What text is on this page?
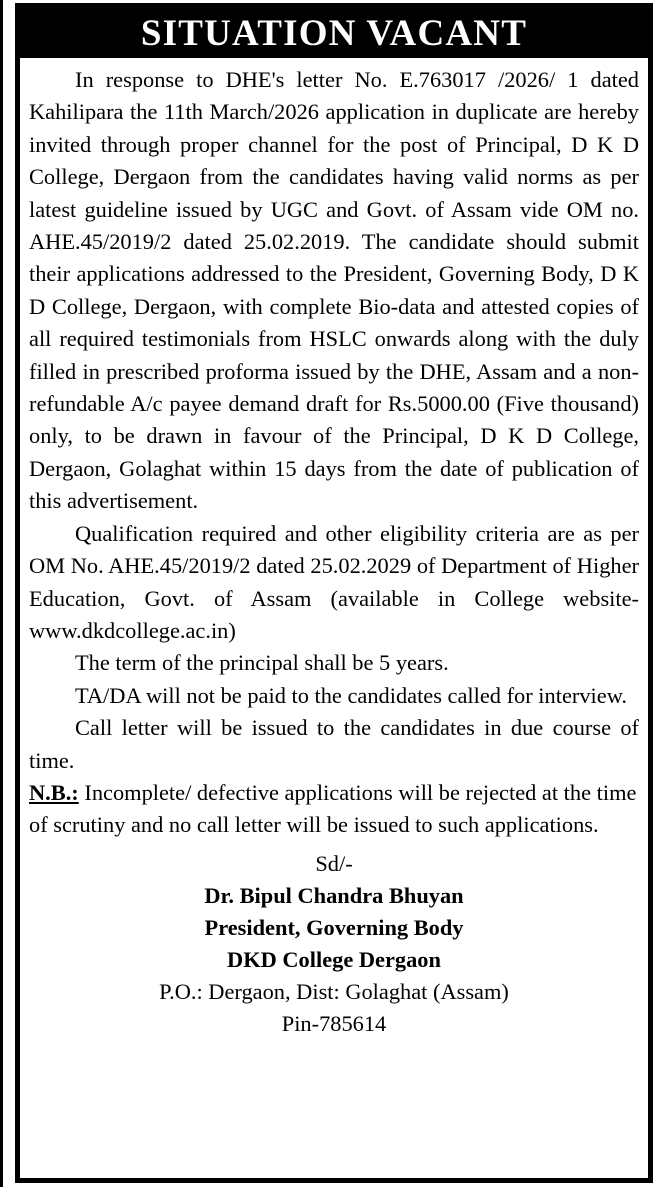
SITUATION VACANT

In response to DHE's letter No. E.763017 /2026/ 1 dated Kahilipara the 11th March/2026 application in duplicate are hereby invited through proper channel for the post of Principal, D K D College, Dergaon from the candidates having valid norms as per latest guideline issued by UGC and Govt. of Assam vide OM no. AHE.45/2019/2 dated 25.02.2019. The candidate should submit their applications addressed to the President, Governing Body, D K D College, Dergaon, with complete Bio-data and attested copies of all required testimonials from HSLC onwards along with the duly filled in prescribed proforma issued by the DHE, Assam and a non- refundable A/c payee demand draft for Rs.5000.00 (Five thousand) only, to be drawn in favour of the Principal, D K D College, Dergaon, Golaghat within 15 days from the date of publication of this advertisement.

Qualification required and other eligibility criteria are as per OM No. AHE.45/2019/2 dated 25.02.2029 of Department of Higher Education, Govt. of Assam (available in College website- www.dkdcollege.ac.in)

The term of the principal shall be 5 years.

TA/DA will not be paid to the candidates called for interview.

Call letter will be issued to the candidates in due course of time.

N.B.: Incomplete/ defective applications will be rejected at the time of scrutiny and no call letter will be issued to such applications.

Sd/-
Dr. Bipul Chandra Bhuyan
President, Governing Body
DKD College Dergaon
P.O.: Dergaon, Dist: Golaghat (Assam)
Pin-785614
